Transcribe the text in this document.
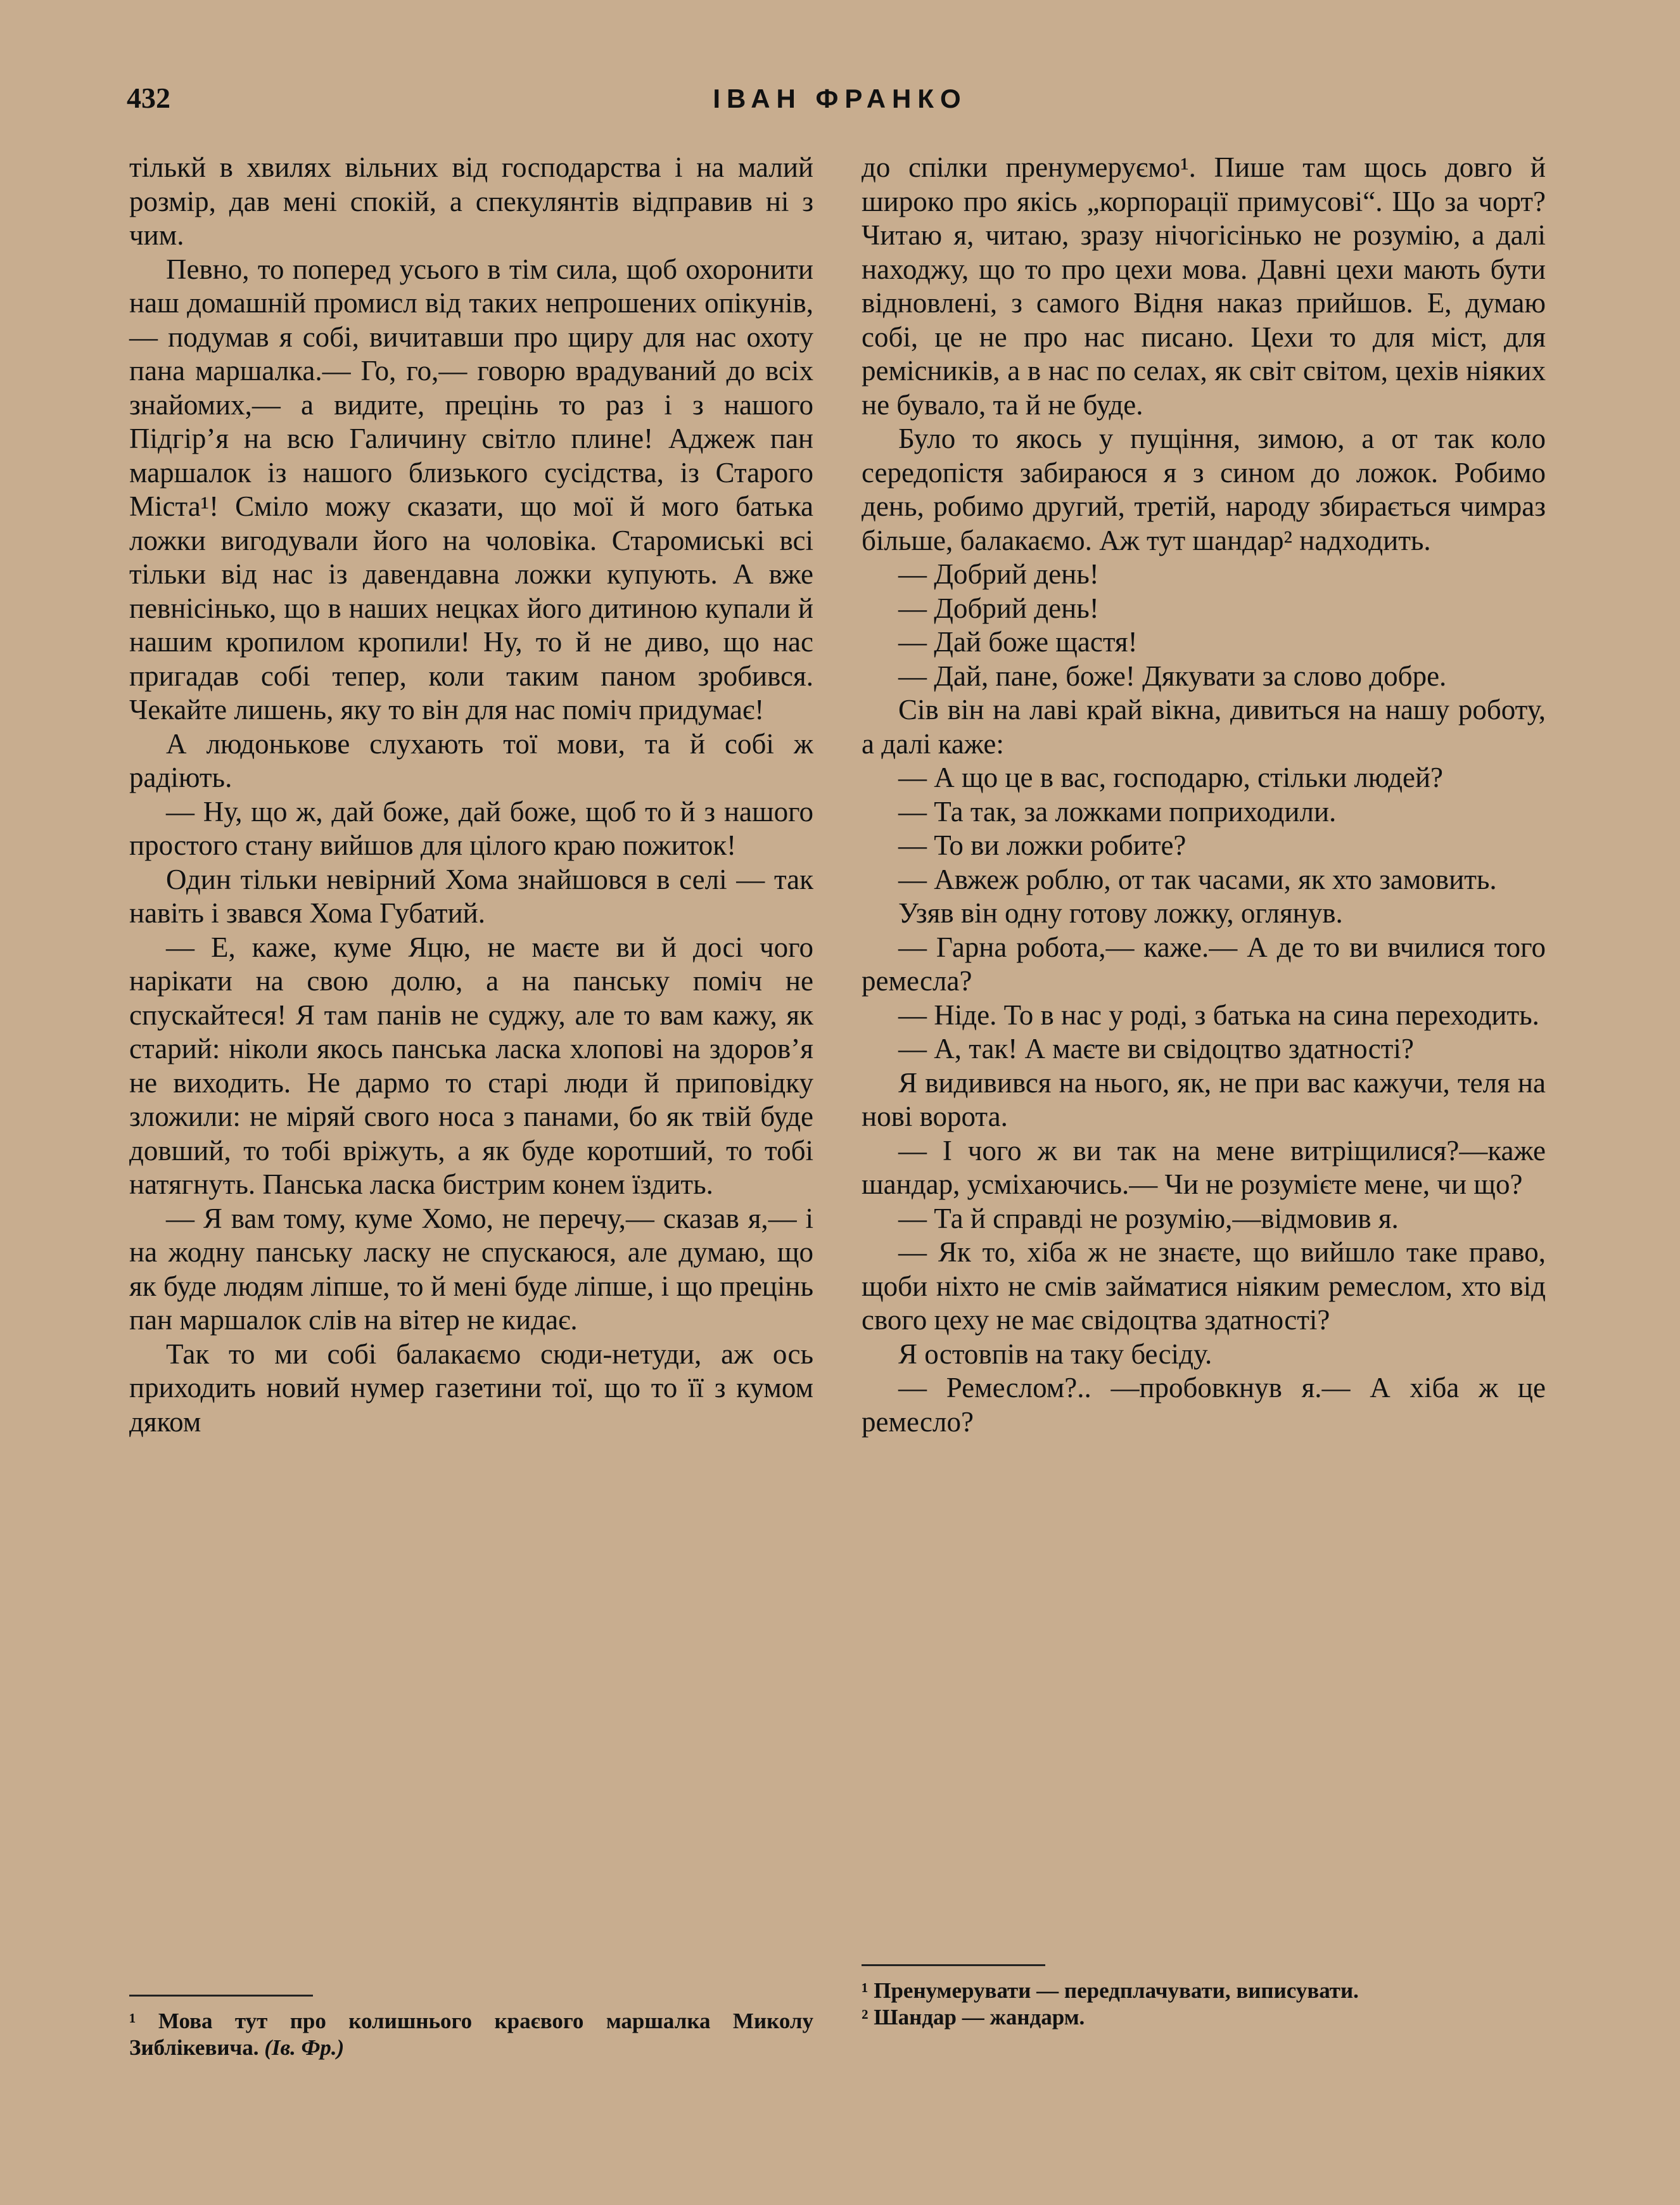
432	ІВАН ФРАНКО

тількй в хвилях вільних від господарства і на малий розмір, дав мені спокій, а спекулянтів відправив ні з чим.

Певно, то поперед усього в тім сила, щоб охоронити наш домашній промисл від таких непрошених опікунів,— подумав я собі, вичитавши про щиру для нас охоту пана маршалка.— Го, го,— говорю врадуваний до всіх знайомих,— а видите, прецінь то раз і з нашого Підгір’я на всю Галичину світло плине! Аджеж пан маршалок із нашого близького сусідства, із Старого Міста¹! Сміло можу сказати, що мої й мого батька ложки вигодували його на чоловіка. Старомиські всі тільки від нас із давендавна ложки купують. А вже певнісінько, що в наших нецках його дитиною купали й нашим кропилом кропили! Ну, то й не диво, що нас пригадав собі тепер, коли таким паном зробився. Чекайте лишень, яку то він для нас поміч придумає!

А людонькове слухають тої мови, та й собі ж радіють.

— Ну, що ж, дай боже, дай боже, щоб то й з нашого простого стану вийшов для цілого краю пожиток!

Один тільки невірний Хома знайшовся в селі — так навіть і звався Хома Губатий.

— Е, каже, куме Яцю, не маєте ви й досі чого нарікати на свою долю, а на панську поміч не спускайтеся! Я там панів не суджу, але то вам кажу, як старий: ніколи якось панська ласка хлопові на здоров’я не виходить. Не дармо то старі люди й приповідку зложили: не міряй свого носа з панами, бо як твій буде довший, то тобі вріжуть, а як буде коротший, то тобі натягнуть. Панська ласка бистрим конем їздить.

— Я вам тому, куме Хомо, не перечу,— сказав я,— і на жодну панську ласку не спускаюся, але думаю, що як буде людям ліпше, то й мені буде ліпше, і що прецінь пан маршалок слів на вітер не кидає.

Так то ми собі балакаємо сюди-нетуди, аж ось приходить новий нумер газетини тої, що то її з кумом дяком

до спілки пренумеруємо¹. Пише там щось довго й широко про якісь „корпорації примусові“. Що за чорт? Читаю я, читаю, зразу нічогісінько не розумію, а далі находжу, що то про цехи мова. Давні цехи мають бути відновлені, з самого Відня наказ прийшов. Е, думаю собі, це не про нас писано. Цехи то для міст, для ремісників, а в нас по селах, як світ світом, цехів ніяких не бувало, та й не буде.

Було то якось у пущіння, зимою, а от так коло середопістя забираюся я з сином до ложок. Робимо день, робимо другий, третій, народу збирається чимраз більше, балакаємо. Аж тут шандар² надходить.

— Добрий день!

— Добрий день!

— Дай боже щастя!

— Дай, пане, боже! Дякувати за слово добре.

Сів він на лаві край вікна, дивиться на нашу роботу, а далі каже:

— А що це в вас, господарю, стільки людей?

— Та так, за ложками поприходили.

— То ви ложки робите?

— Авжеж роблю, от так часами, як хто замовить.

Узяв він одну готову ложку, оглянув.

— Гарна робота,— каже.— А де то ви вчилися того ремесла?

— Ніде. То в нас у роді, з батька на сина переходить.

— А, так! А маєте ви свідоцтво здатності?

Я видивився на нього, як, не при вас кажучи, теля на нові ворота.

— І чого ж ви так на мене витріщилися?—каже шандар, усміхаючись.— Чи не розумієте мене, чи що?

— Та й справді не розумію,—відмовив я.

— Як то, хіба ж не знаєте, що вийшло таке право, щоби ніхто не смів займатися ніяким ремеслом, хто від свого цеху не має свідоцтва здатності?

Я остовпів на таку бесіду.

— Ремеслом?.. —пробовкнув я.— А хіба ж це ремесло?

¹ Мова тут про колишнього краєвого маршалка Миколу Зиблікевича. (Ів. Фр.)

¹ Пренумерувати — передплачувати, виписувати.

² Шандар — жандарм.
